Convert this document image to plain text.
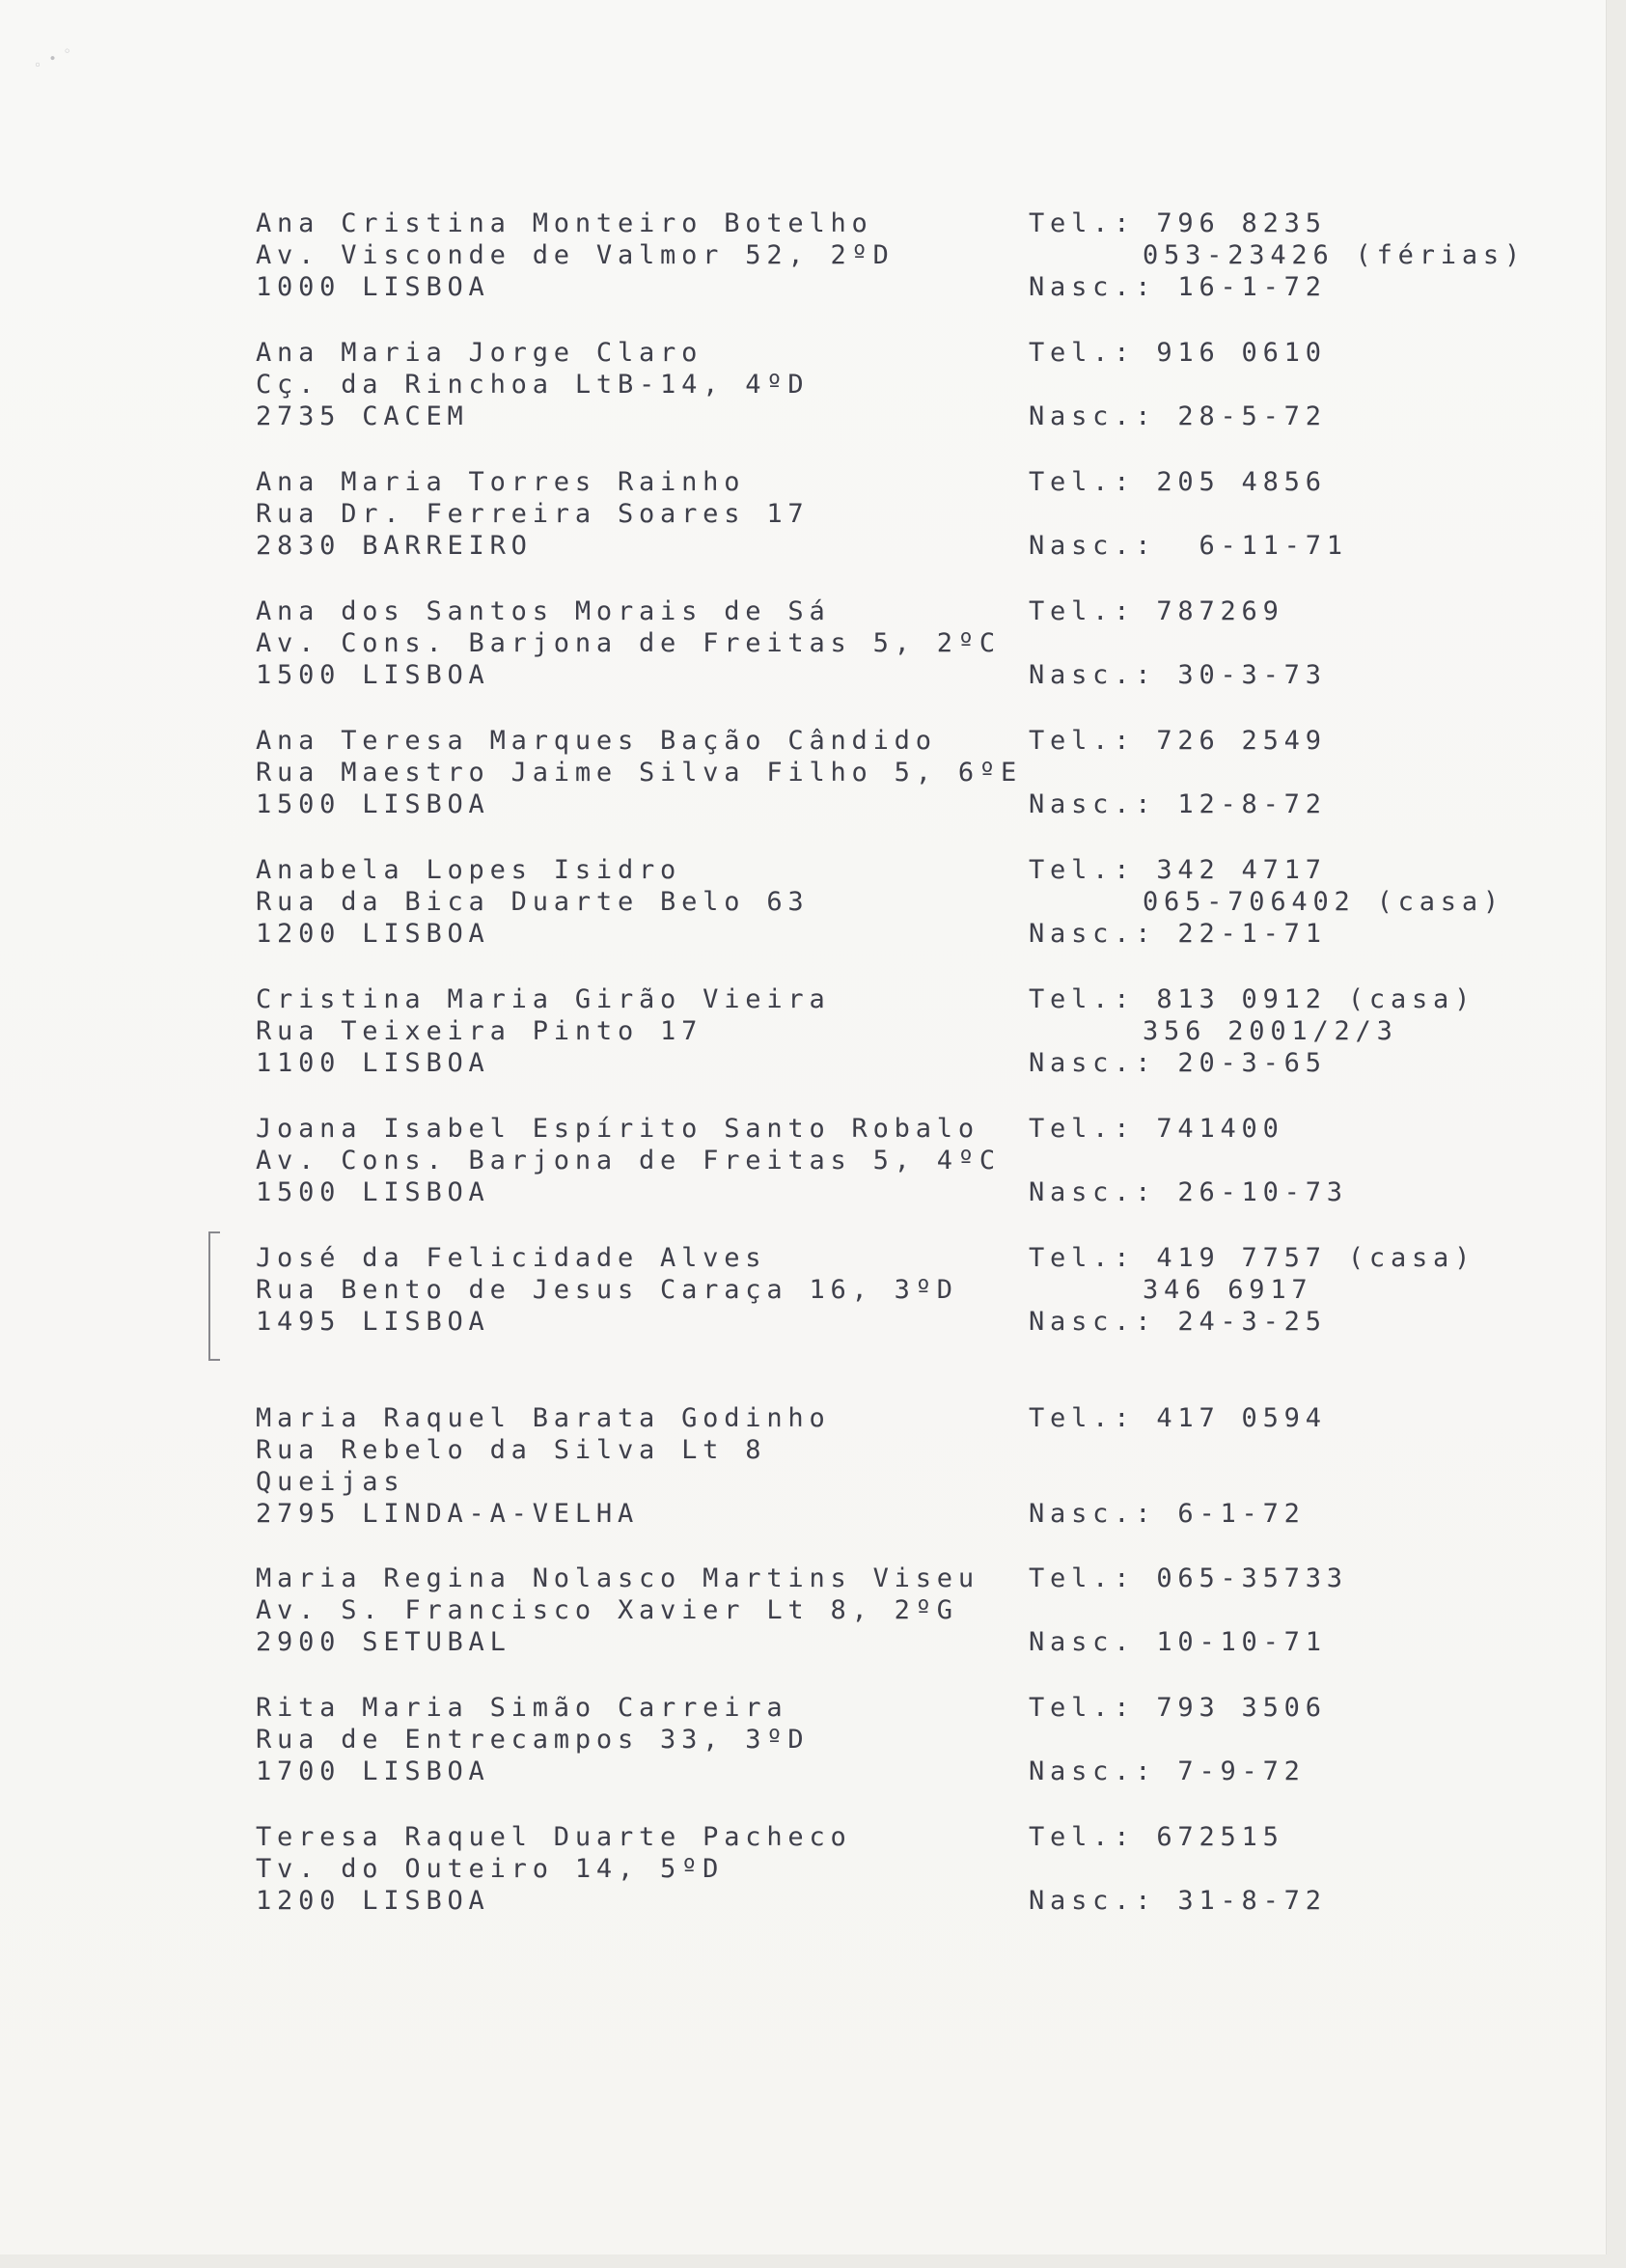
◦ ∙ ◦
Ana Cristina Monteiro Botelho
Av. Visconde de Valmor 52, 2ºD
1000 LISBOA
Tel.: 796 8235
053-23426 (férias)
Nasc.: 16-1-72
Ana Maria Jorge Claro
Cç. da Rinchoa LtB-14, 4ºD
2735 CACEM
Tel.: 916 0610
Nasc.: 28-5-72
Ana Maria Torres Rainho
Rua Dr. Ferreira Soares 17
2830 BARREIRO
Tel.: 205 4856
Nasc.:  6-11-71
Ana dos Santos Morais de Sá
Av. Cons. Barjona de Freitas 5, 2ºC
1500 LISBOA
Tel.: 787269
Nasc.: 30-3-73
Ana Teresa Marques Bação Cândido
Rua Maestro Jaime Silva Filho 5, 6ºE
1500 LISBOA
Tel.: 726 2549
Nasc.: 12-8-72
Anabela Lopes Isidro
Rua da Bica Duarte Belo 63
1200 LISBOA
Tel.: 342 4717
065-706402 (casa)
Nasc.: 22-1-71
Cristina Maria Girão Vieira
Rua Teixeira Pinto 17
1100 LISBOA
Tel.: 813 0912 (casa)
356 2001/2/3
Nasc.: 20-3-65
Joana Isabel Espírito Santo Robalo
Av. Cons. Barjona de Freitas 5, 4ºC
1500 LISBOA
Tel.: 741400
Nasc.: 26-10-73
José da Felicidade Alves
Rua Bento de Jesus Caraça 16, 3ºD
1495 LISBOA
Tel.: 419 7757 (casa)
346 6917
Nasc.: 24-3-25
Maria Raquel Barata Godinho
Rua Rebelo da Silva Lt 8
Queijas
2795 LINDA-A-VELHA
Tel.: 417 0594
Nasc.: 6-1-72
Maria Regina Nolasco Martins Viseu
Av. S. Francisco Xavier Lt 8, 2ºG
2900 SETUBAL
Tel.: 065-35733
Nasc. 10-10-71
Rita Maria Simão Carreira
Rua de Entrecampos 33, 3ºD
1700 LISBOA
Tel.: 793 3506
Nasc.: 7-9-72
Teresa Raquel Duarte Pacheco
Tv. do Outeiro 14, 5ºD
1200 LISBOA
Tel.: 672515
Nasc.: 31-8-72
